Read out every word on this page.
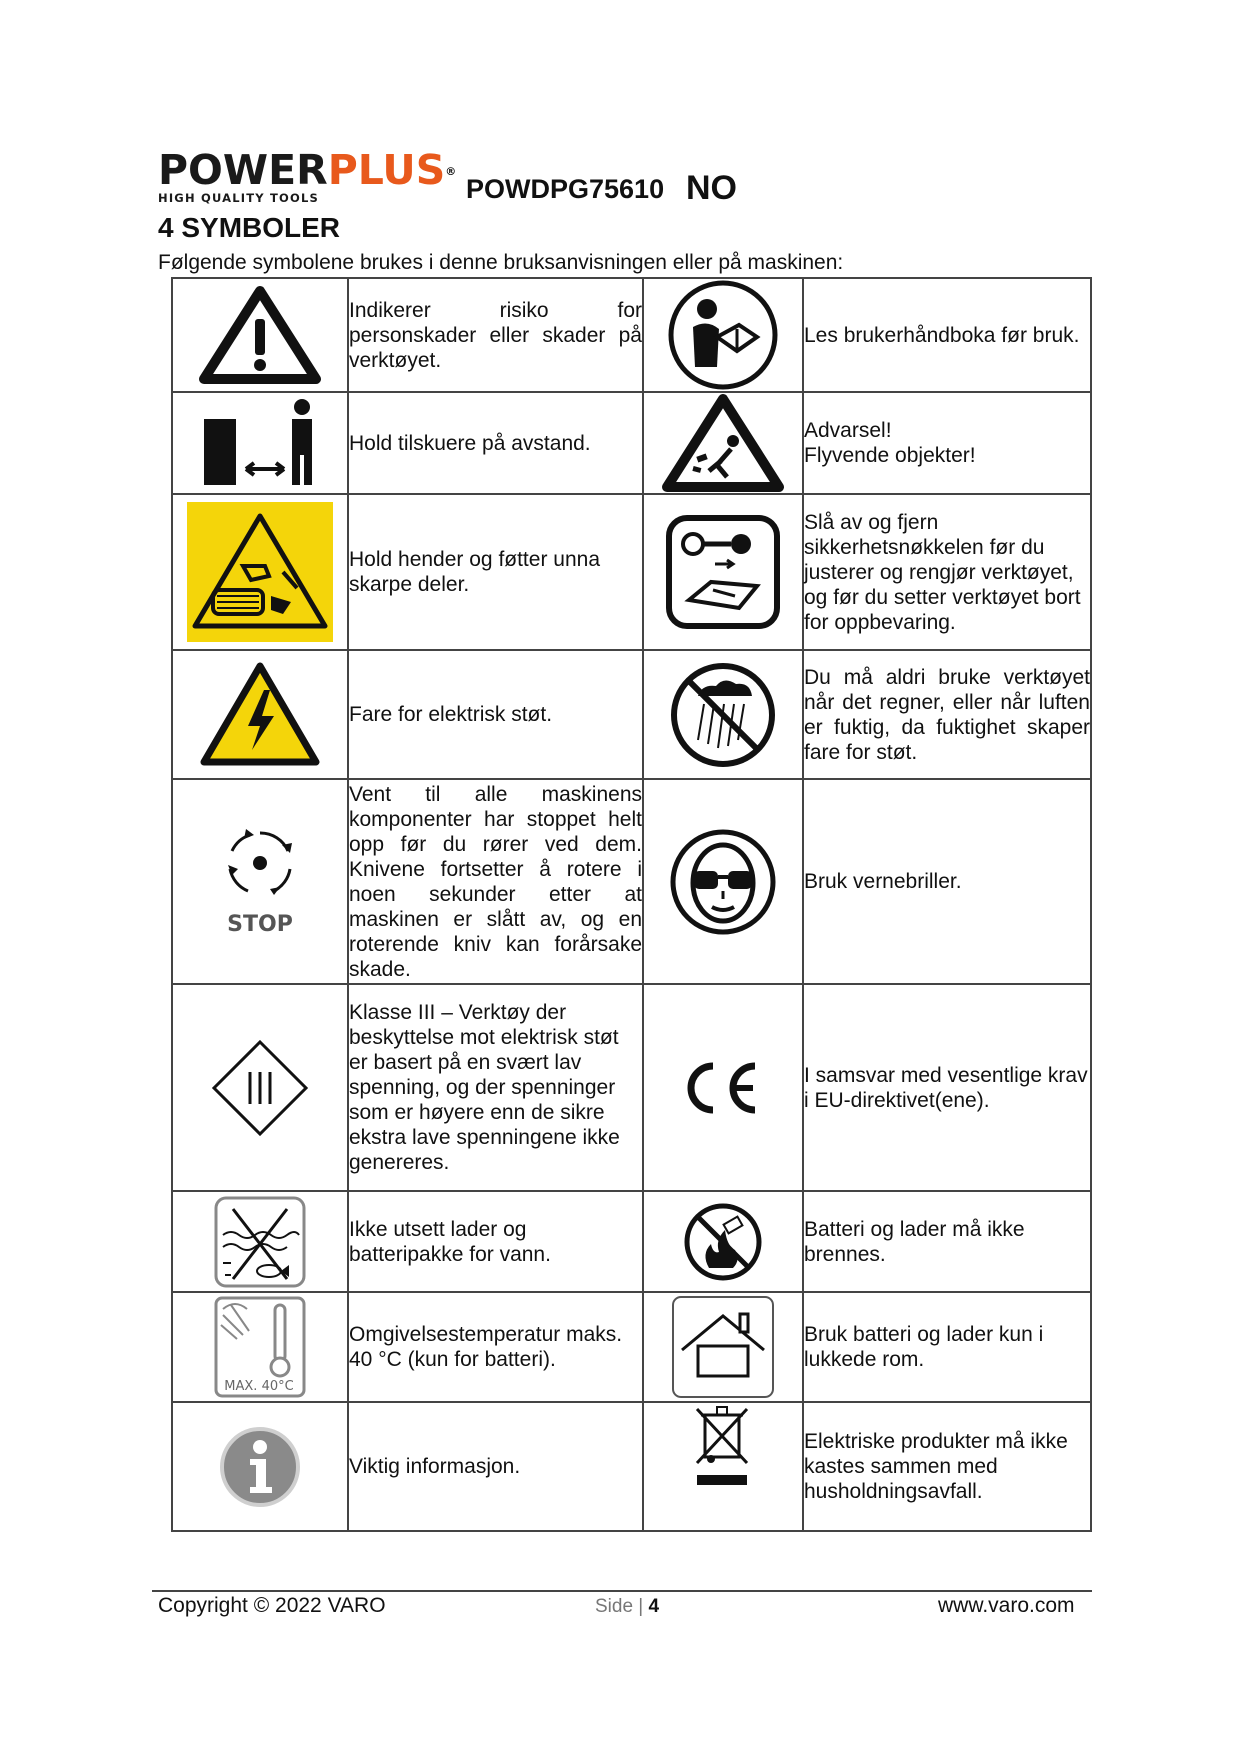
POWERPLUS®
HIGH QUALITY TOOLS	POWDPG75610 NO
4 SYMBOLER
Følgende symbolene brukes i denne bruksanvisningen eller på maskinen:
	Indikerer risiko for personskader eller skader på verktøyet.		Les brukerhåndboka før bruk.

	Hold tilskuere på avstand.		Advarsel!
Flyvende objekter!

	Hold hender og føtter unna skarpe deler.		Slå av og fjern sikkerhetsnøkkelen før du justerer og rengjør verktøyet, og før du setter verktøyet bort for oppbevaring.

	Fare for elektrisk støt.		Du må aldri bruke verktøyet når det regner, eller når luften er fuktig, da fuktighet skaper fare for støt.

STOP	Vent til alle maskinens komponenter har stoppet helt opp før du rører ved dem. Knivene fortsetter å rotere i noen sekunder etter at maskinen er slått av, og en roterende kniv kan forårsake skade.		Bruk vernebriller.

	Klasse III – Verktøy der beskyttelse mot elektrisk støt er basert på en svært lav spenning, og der spenninger som er høyere enn de sikre ekstra lave spenningene ikke genereres.		I samsvar med vesentlige krav i EU-direktivet(ene).

	Ikke utsett lader og batteripakke for vann.		Batteri og lader må ikke brennes.

MAX. 40°C	Omgivelsestemperatur maks. 40 °C (kun for batteri).		Bruk batteri og lader kun i lukkede rom.

	Viktig informasjon.		Elektriske produkter må ikke kastes sammen med husholdningsavfall.
Copyright © 2022 VARO	Side | 4	www.varo.com
